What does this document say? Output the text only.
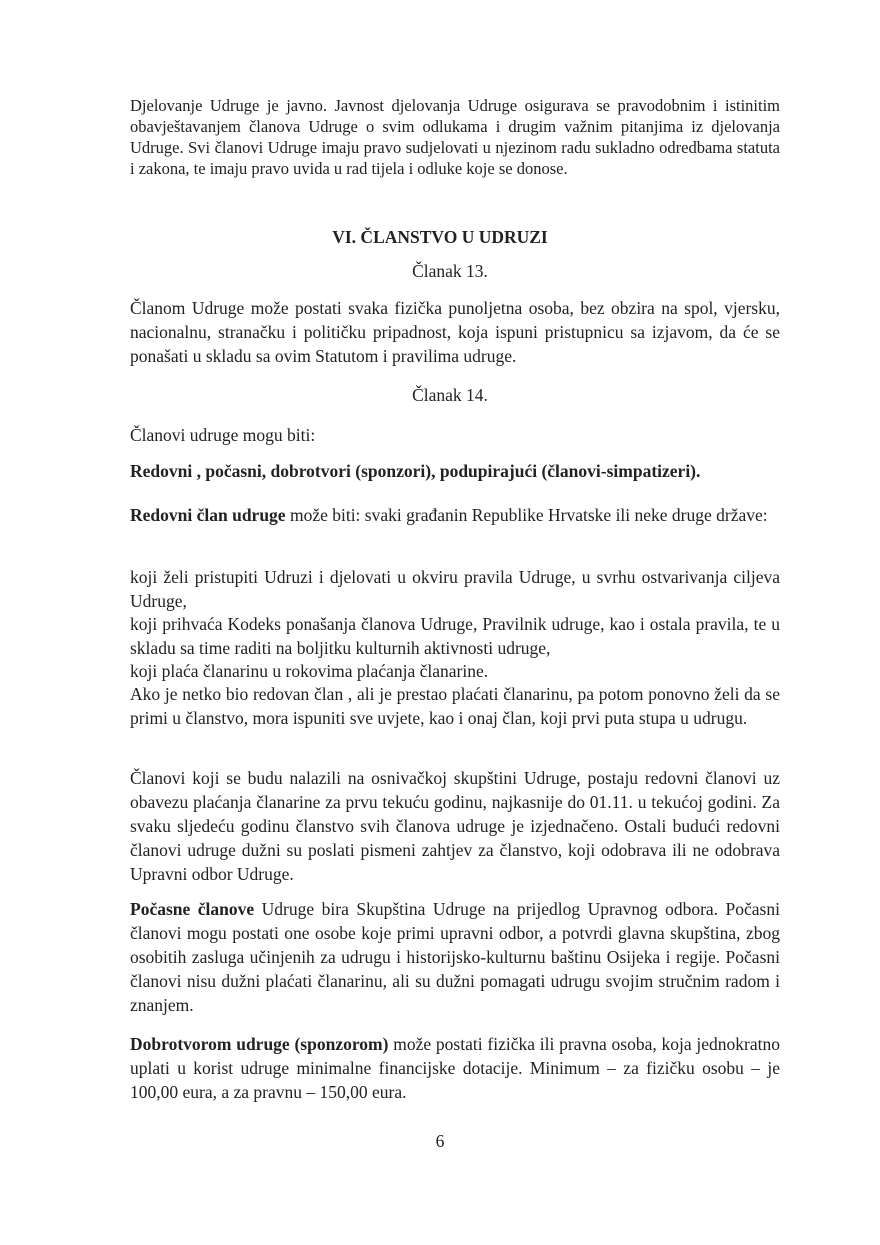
Djelovanje Udruge je javno. Javnost djelovanja Udruge osigurava se pravodobnim i istinitim obavještavanjem članova Udruge o svim odlukama i drugim važnim pitanjima iz djelovanja Udruge. Svi članovi Udruge imaju pravo sudjelovati u njezinom radu sukladno odredbama statuta i zakona, te imaju pravo uvida u rad tijela i odluke koje se donose.

VI. ČLANSTVO U UDRUZI

Članak 13.

Članom Udruge može postati svaka fizička punoljetna osoba, bez obzira na spol, vjersku, nacionalnu, stranačku i političku pripadnost, koja ispuni pristupnicu sa izjavom, da će se ponašati u skladu sa ovim Statutom i pravilima udruge.

Članak 14.

Članovi udruge mogu biti:

Redovni , počasni, dobrotvori (sponzori), podupirajući (članovi-simpatizeri).

Redovni član udruge može biti: svaki građanin Republike Hrvatske ili neke druge države:

koji želi pristupiti Udruzi i djelovati u okviru pravila Udruge, u svrhu ostvarivanja ciljeva Udruge,

koji prihvaća Kodeks ponašanja članova Udruge, Pravilnik udruge, kao i ostala pravila, te u skladu sa time raditi na boljitku kulturnih aktivnosti udruge,

koji plaća članarinu u rokovima plaćanja članarine.

Ako je netko bio redovan član , ali je prestao plaćati članarinu, pa potom ponovno želi da se primi u članstvo, mora ispuniti sve uvjete, kao i onaj član, koji prvi puta stupa u udrugu.

Članovi koji se budu nalazili na osnivačkoj skupštini Udruge, postaju redovni članovi uz obavezu plaćanja članarine za prvu tekuću godinu, najkasnije do 01.11. u tekućoj godini. Za svaku sljedeću godinu članstvo svih članova udruge je izjednačeno. Ostali budući redovni članovi udruge dužni su poslati pismeni zahtjev za članstvo, koji odobrava ili ne odobrava Upravni odbor Udruge.

Počasne članove Udruge bira Skupština Udruge na prijedlog Upravnog odbora. Počasni članovi mogu postati one osobe koje primi upravni odbor, a potvrdi glavna skupština, zbog osobitih zasluga učinjenih za udrugu i historijsko-kulturnu baštinu Osijeka i regije. Počasni članovi nisu dužni plaćati članarinu, ali su dužni pomagati udrugu svojim stručnim radom i znanjem.

Dobrotvorom udruge (sponzorom) može postati fizička ili pravna osoba, koja jednokratno uplati u korist udruge minimalne financijske dotacije. Minimum – za fizičku osobu – je 100,00 eura, a za pravnu – 150,00 eura.

6
